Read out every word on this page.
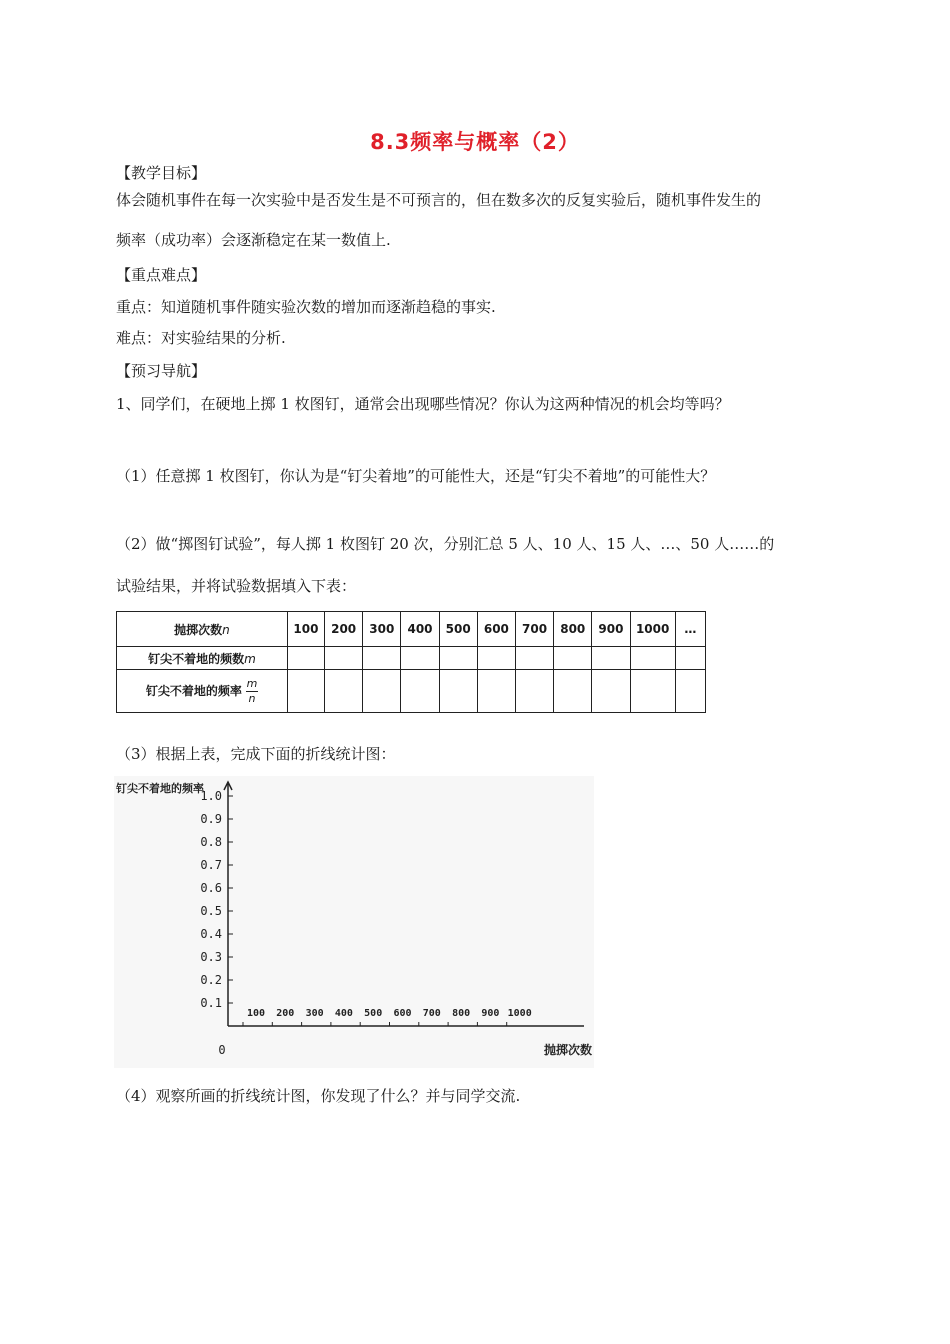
8.3频率与概率（2）
【教学目标】
体会随机事件在每一次实验中是否发生是不可预言的，但在数多次的反复实验后，随机事件发生的
频率（成功率）会逐渐稳定在某一数值上.
【重点难点】
重点：知道随机事件随实验次数的增加而逐渐趋稳的事实.
难点：对实验结果的分析.
【预习导航】
1、同学们，在硬地上掷 1 枚图钉，通常会出现哪些情况？你认为这两种情况的机会均等吗？
（1）任意掷 1 枚图钉，你认为是“钉尖着地”的可能性大，还是“钉尖不着地”的可能性大？
（2）做“掷图钉试验”，每人掷 1 枚图钉 20 次，分别汇总 5 人、10 人、15 人、…、50 人……的
试验结果，并将试验数据填入下表：
抛掷次数n	100	200	300	400	500	600	700	800	900	1000	…
钉尖不着地的频数m											
钉尖不着地的频率 $\frac{m}{n}$											
（3）根据上表，完成下面的折线统计图：
0.1
0.2
0.3
0.4
0.5
0.6
0.7
0.8
0.9
1.0
100 200 300 400 500 600 700 800 900 1000
钉尖不着地的频率
抛掷次数
0
（4）观察所画的折线统计图，你发现了什么？并与同学交流.
